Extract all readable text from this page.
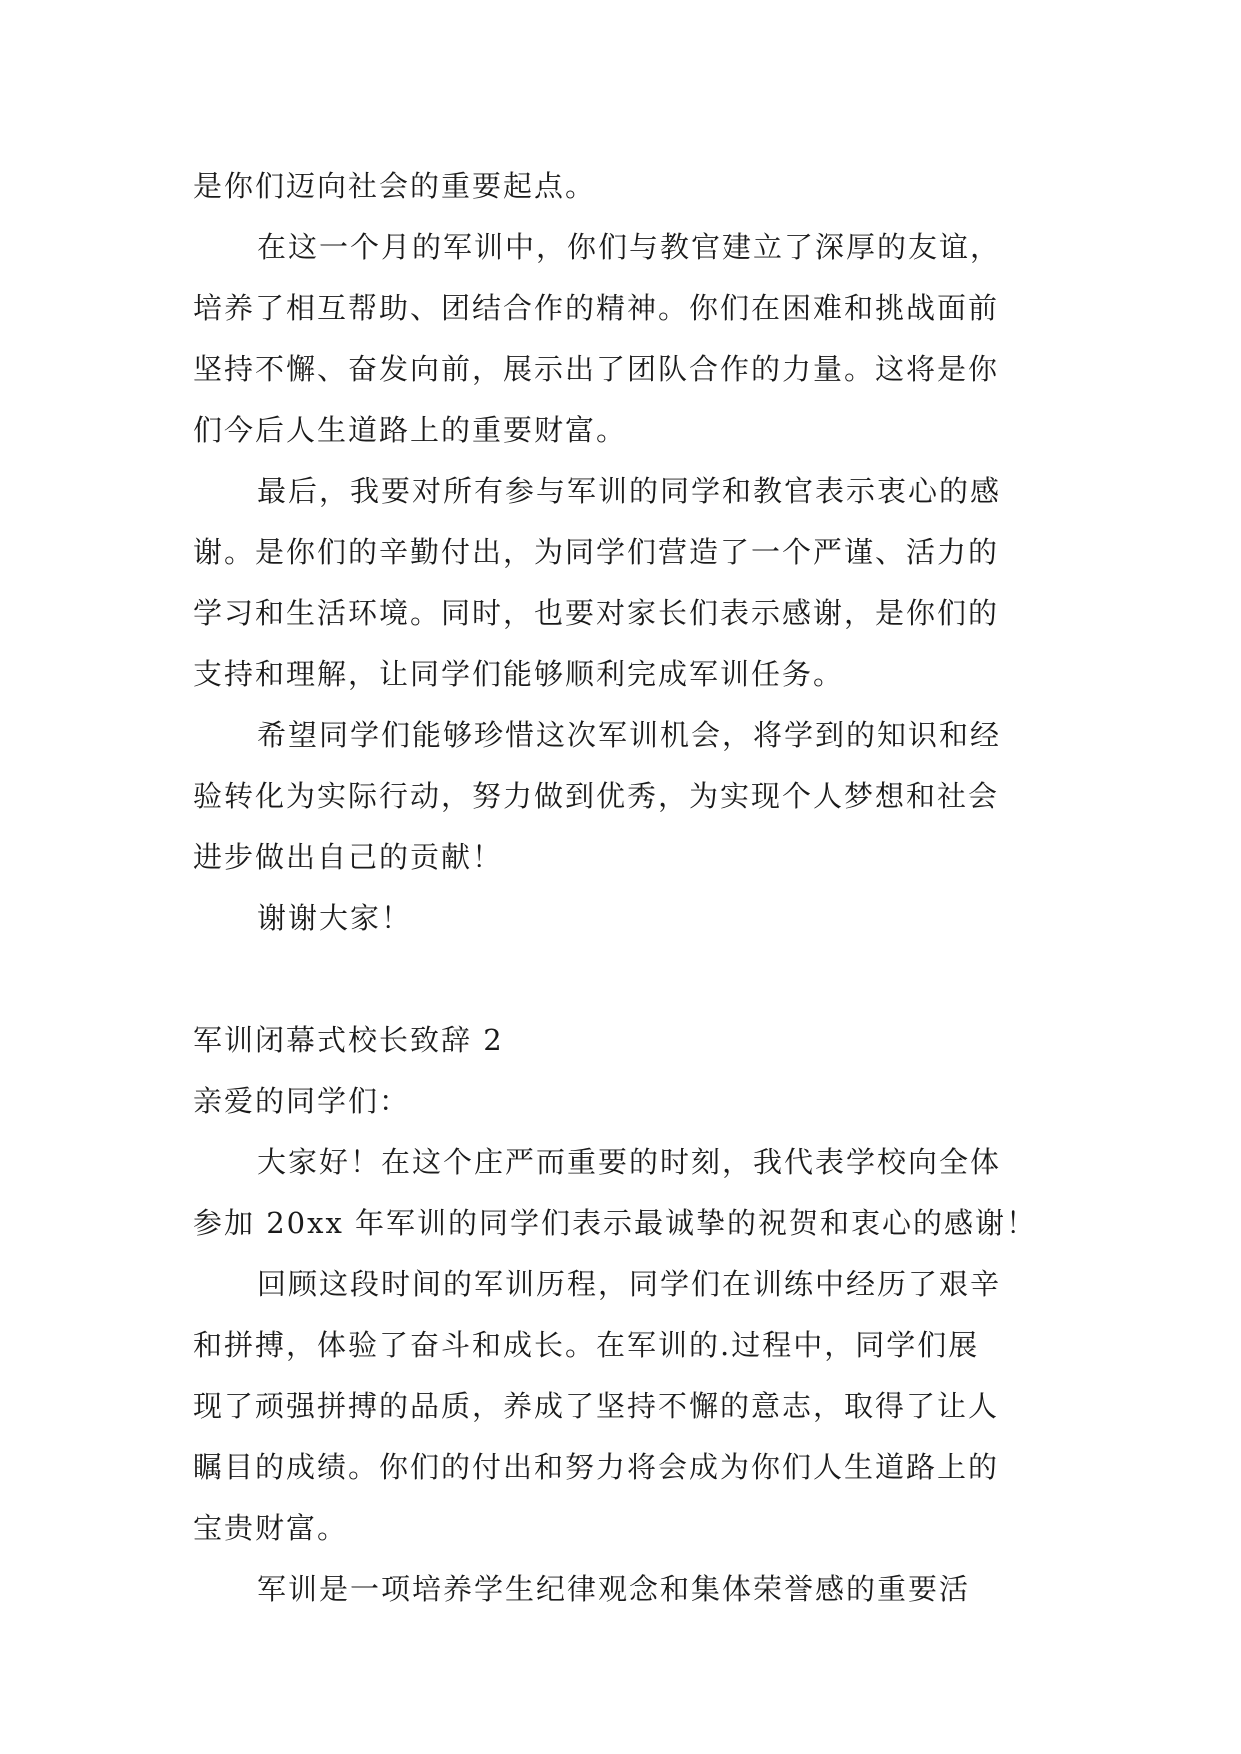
是你们迈向社会的重要起点。
在这一个月的军训中，你们与教官建立了深厚的友谊，
培养了相互帮助、团结合作的精神。你们在困难和挑战面前
坚持不懈、奋发向前，展示出了团队合作的力量。这将是你
们今后人生道路上的重要财富。
最后，我要对所有参与军训的同学和教官表示衷心的感
谢。是你们的辛勤付出，为同学们营造了一个严谨、活力的
学习和生活环境。同时，也要对家长们表示感谢，是你们的
支持和理解，让同学们能够顺利完成军训任务。
希望同学们能够珍惜这次军训机会，将学到的知识和经
验转化为实际行动，努力做到优秀，为实现个人梦想和社会
进步做出自己的贡献！
谢谢大家！
军训闭幕式校长致辞 2
亲爱的同学们：
大家好！在这个庄严而重要的时刻，我代表学校向全体
参加 20xx 年军训的同学们表示最诚挚的祝贺和衷心的感谢！
回顾这段时间的军训历程，同学们在训练中经历了艰辛
和拼搏，体验了奋斗和成长。在军训的.过程中，同学们展
现了顽强拼搏的品质，养成了坚持不懈的意志，取得了让人
瞩目的成绩。你们的付出和努力将会成为你们人生道路上的
宝贵财富。
军训是一项培养学生纪律观念和集体荣誉感的重要活
